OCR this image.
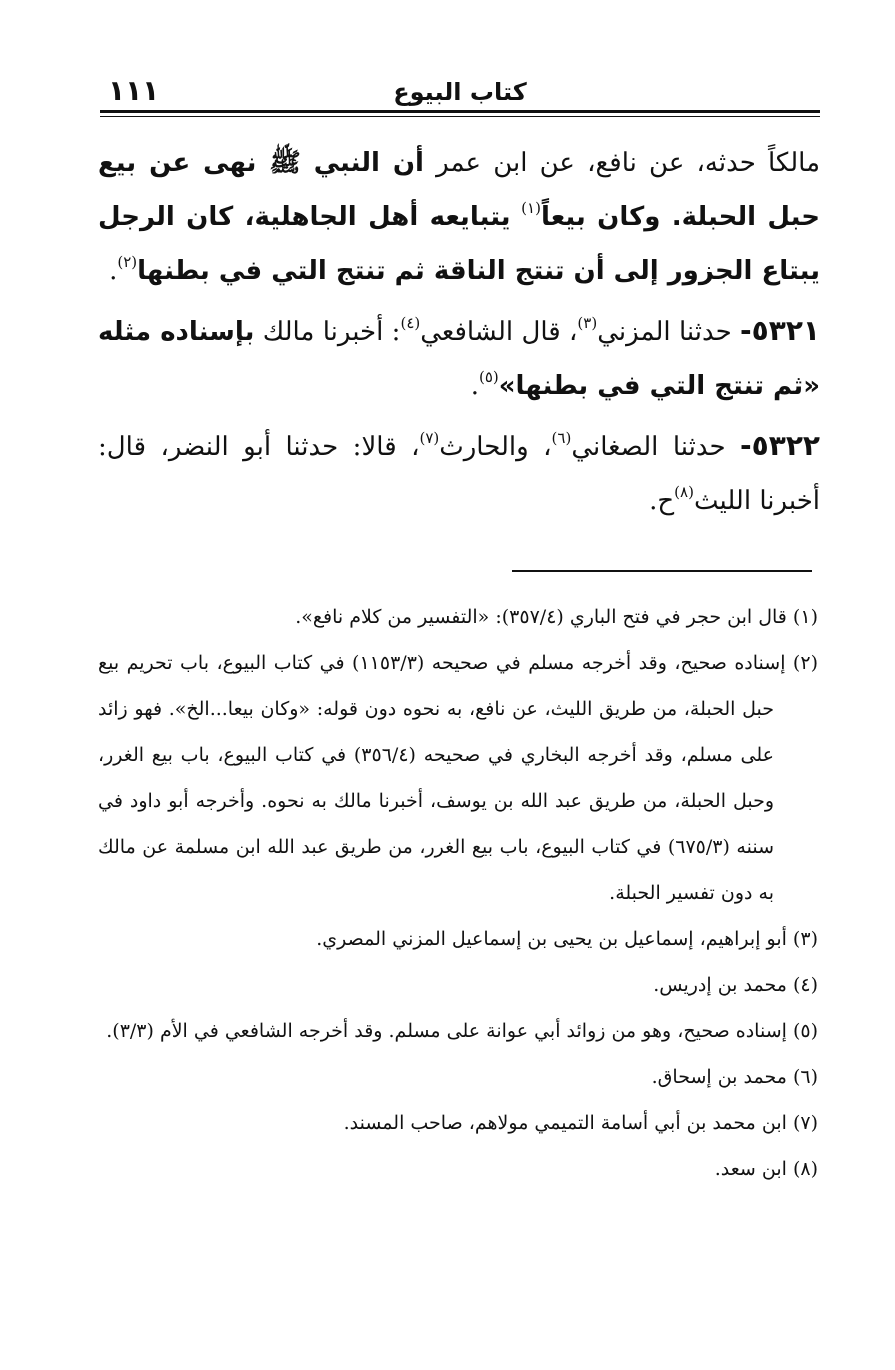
١١١	كتاب البيوع

مالكاً حدثه، عن نافع، عن ابن عمر أن النبي ﷺ نهى عن بيع حبل الحبلة. وكان بيعاً$^{(١)}$ يتبايعه أهل الجاهلية، كان الرجل يبتاع الجزور إلى أن تنتج الناقة ثم تنتج التي في بطنها$^{(٢)}$.

٥٣٢١- حدثنا المزني$^{(٣)}$، قال الشافعي$^{(٤)}$: أخبرنا مالك بإسناده مثله «ثم تنتج التي في بطنها»$^{(٥)}$.

٥٣٢٢- حدثنا الصغاني$^{(٦)}$، والحارث$^{(٧)}$، قالا: حدثنا أبو النضر، قال: أخبرنا الليث$^{(٨)}$ح.

(١) قال ابن حجر في فتح الباري (٣٥٧/٤): «التفسير من كلام نافع».

(٢) إسناده صحيح، وقد أخرجه مسلم في صحيحه (١١٥٣/٣) في كتاب البيوع، باب تحريم بيع حبل الحبلة، من طريق الليث، عن نافع، به نحوه دون قوله: «وكان بيعا...الخ». فهو زائد على مسلم، وقد أخرجه البخاري في صحيحه (٣٥٦/٤) في كتاب البيوع، باب بيع الغرر، وحبل الحبلة، من طريق عبد الله بن يوسف، أخبرنا مالك به نحوه. وأخرجه أبو داود في سننه (٦٧٥/٣) في كتاب البيوع، باب بيع الغرر، من طريق عبد الله ابن مسلمة عن مالك به دون تفسير الحبلة.

(٣) أبو إبراهيم، إسماعيل بن يحيى بن إسماعيل المزني المصري.

(٤) محمد بن إدريس.

(٥) إسناده صحيح، وهو من زوائد أبي عوانة على مسلم. وقد أخرجه الشافعي في الأم (٣/٣).

(٦) محمد بن إسحاق.

(٧) ابن محمد بن أبي أسامة التميمي مولاهم، صاحب المسند.

(٨) ابن سعد.
